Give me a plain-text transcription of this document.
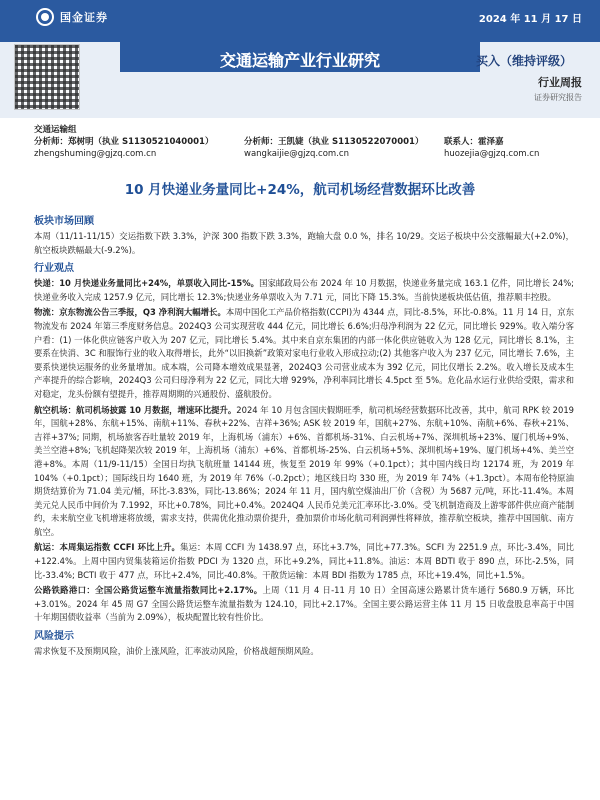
国金证券	2024 年 11 月 17 日
交通运输产业行业研究	买入（维持评级）
行业周报
证券研究报告
交通运输组
分析师：郑树明（执业 S1130521040001）	分析师：王凯婕（执业 S1130522070001）	联系人：霍泽嘉
zhengshuming@gjzq.com.cn	wangkaijie@gjzq.com.cn	huozejia@gjzq.com.cn
10 月快递业务量同比+24%，航司机场经营数据环比改善
板块市场回顾

本周（11/11-11/15）交运指数下跌 3.3%，沪深 300 指数下跌 3.3%，跑输大盘 0.0 %，排名 10/29。交运子板块中公交涨幅最大(+2.0%)，航空板块跌幅最大(-9.2%)。

行业观点

快递：10 月快递业务量同比+24%，单票收入同比-15%。国家邮政局公布 2024 年 10 月数据，快递业务量完成 163.1 亿件，同比增长 24%;快递业务收入完成 1257.9 亿元，同比增长 12.3%;快递业务单票收入为 7.71 元，同比下降 15.3%。当前快递板块低估值，推荐顺丰控股。

物流：京东物流公告三季报，Q3 净利润大幅增长。本周中国化工产品价格指数(CCPI)为 4344 点，同比-8.5%，环比-0.8%。11 月 14 日，京东物流发布 2024 年第三季度财务信息。2024Q3 公司实现营收 444 亿元，同比增长 6.6%;归母净利润为 22 亿元，同比增长 929%。收入端分客户看：(1) 一体化供应链客户收入为 207 亿元，同比增长 5.4%。其中来自京东集团的内部一体化供应链收入为 128 亿元，同比增长 8.1%，主要系在快消、3C 和服饰行业的收入取得增长，此外“以旧换新”政策对家电行业收入形成拉动;(2) 其他客户收入为 237 亿元，同比增长 7.6%，主要系快递快运服务的业务量增加。成本端，公司降本增效成果显著，2024Q3 公司营业成本为 392 亿元，同比仅增长 2.2%。收入增长及成本生产率提升的综合影响，2024Q3 公司归母净利为 22 亿元，同比大增 929%，净利率同比增长 4.5pct 至 5%。危化品水运行业供给受限，需求和对稳定，龙头份额有望提升，推荐周期期的兴通股份、盛航股份。

航空机场：航司机场披露 10 月数据，增速环比提升。2024 年 10 月包含国庆假期旺季，航司机场经营数据环比改善，其中，航司 RPK 较 2019 年，国航+28%、东航+15%、南航+11%、春秋+22%、吉祥+36%; ASK 较 2019 年，国航+27%、东航+10%、南航+6%、春秋+21%、吉祥+37%; 同期，机场旅客吞吐量较 2019 年，上海机场（浦东）+6%、首都机场-31%、白云机场+7%、深圳机场+23%、厦门机场+9%、美兰空港+8%; 飞机起降架次较 2019 年，上海机场（浦东）+6%、首都机场-25%、白云机场+5%、深圳机场+19%、厦门机场+4%、美兰空港+8%。本周（11/9-11/15）全国日均执飞航班量 14144 班，恢复至 2019 年 99%（+0.1pct）；其中国内线日均 12174 班，为 2019 年 104%（+0.1pct）；国际线日均 1640 班，为 2019 年 76%（-0.2pct）；地区线日均 330 班，为 2019 年 74%（+1.3pct）。本周布伦特原油期货结算价为 71.04 美元/桶，环比-3.83%，同比-13.86%；2024 年 11 月，国内航空煤油出厂价（含税）为 5687 元/吨，环比-11.4%。本周美元兑人民币中间价为 7.1992，环比+0.78%，同比+0.4%。2024Q4 人民币兑美元汇率环比-3.0%。受飞机制造商及上游零部件供应商产能制约，未来航空业飞机增速将放缓，需求支持，供需优化推动票价提升，叠加票价市场化航司利润弹性将释放，推荐航空板块，推荐中国国航、南方航空。

航运：本周集运指数 CCFI 环比上升。集运：本周 CCFI 为 1438.97 点，环比+3.7%，同比+77.3%。SCFI 为 2251.9 点，环比-3.4%，同比+122.4%。上周中国内贸集装箱运价指数 PDCI 为 1320 点，环比+9.2%，同比+11.8%。油运：本周 BDTI 收于 890 点，环比-2.5%，同比-33.4%; BCTI 收于 477 点，环比+2.4%，同比-40.8%。干散货运输：本周 BDI 指数为 1785 点，环比+19.4%，同比+1.5%。

公路铁路港口：全国公路货运整车流量指数同比+2.17%。上周（11 月 4 日-11 月 10 日）全国高速公路累计货车通行 5680.9 万辆，环比+3.01%。2024 年 45 周 G7 全国公路货运整车流量指数为 124.10，同比+2.17%。全国主要公路运营主体 11 月 15 日收盘股息率高于中国十年期国债收益率（当前为 2.09%），板块配置比较有性价比。

风险提示

需求恢复不及预期风险，油价上涨风险，汇率波动风险，价格战超预期风险。
